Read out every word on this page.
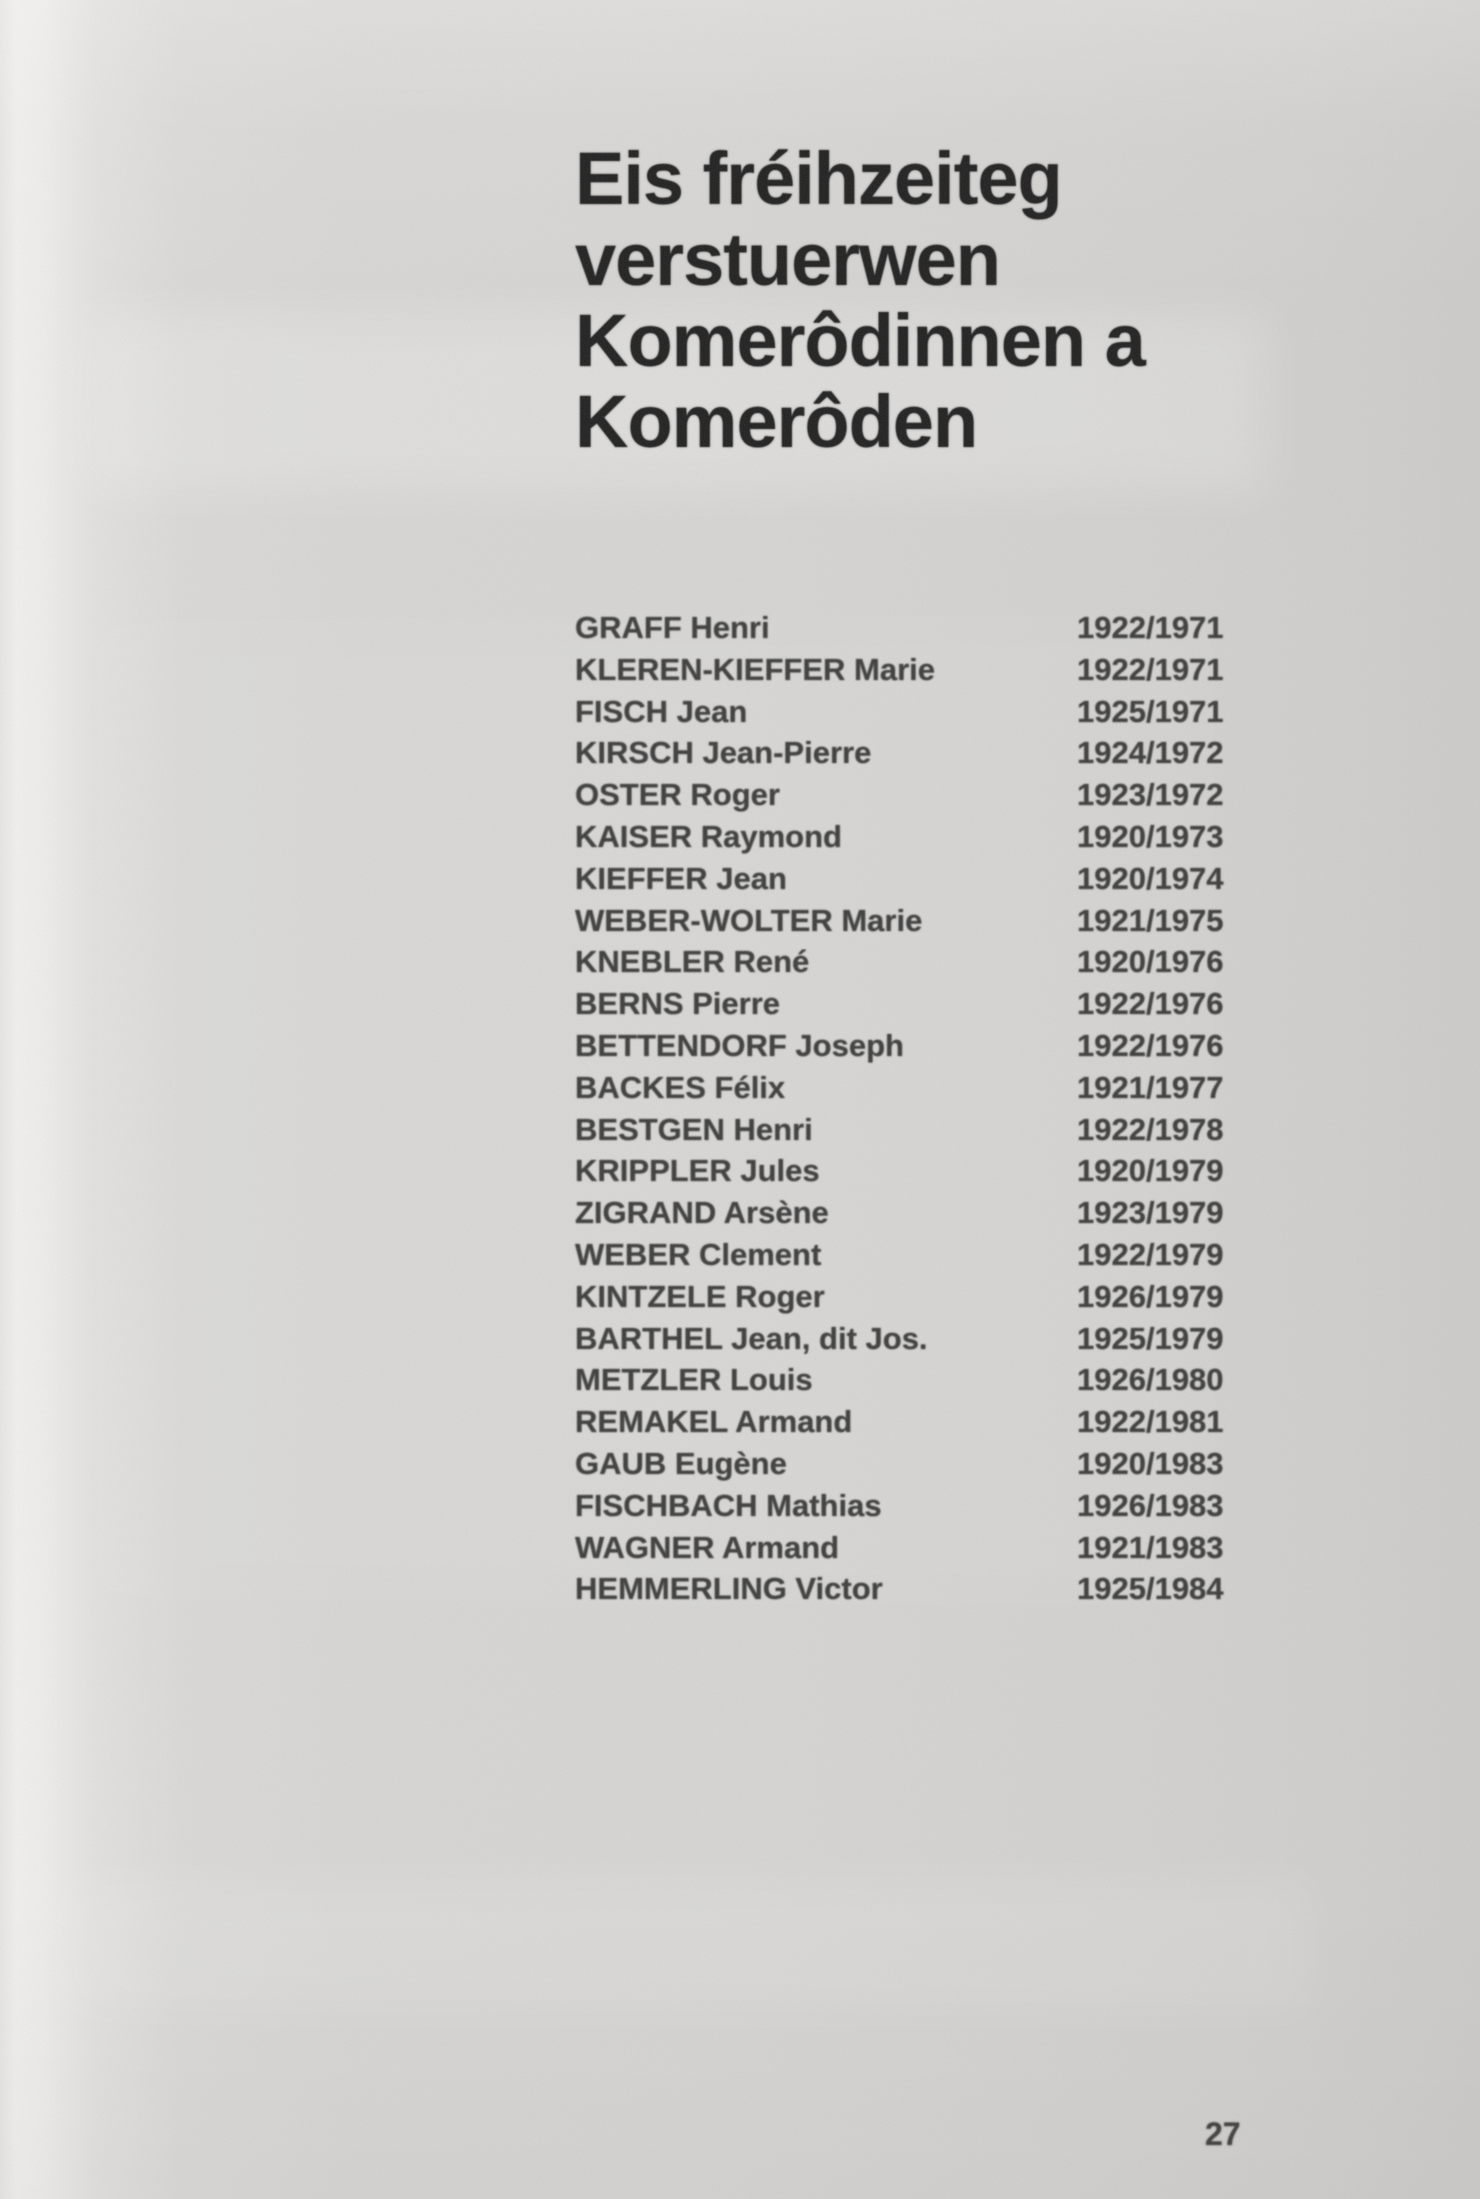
Eis fréihzeiteg
verstuerwen
Komerôdinnen a
Komerôden
GRAFF Henri	1922/1971
KLEREN-KIEFFER Marie	1922/1971
FISCH Jean	1925/1971
KIRSCH Jean-Pierre	1924/1972
OSTER Roger	1923/1972
KAISER Raymond	1920/1973
KIEFFER Jean	1920/1974
WEBER-WOLTER Marie	1921/1975
KNEBLER René	1920/1976
BERNS Pierre	1922/1976
BETTENDORF Joseph	1922/1976
BACKES Félix	1921/1977
BESTGEN Henri	1922/1978
KRIPPLER Jules	1920/1979
ZIGRAND Arsène	1923/1979
WEBER Clement	1922/1979
KINTZELE Roger	1926/1979
BARTHEL Jean, dit Jos.	1925/1979
METZLER Louis	1926/1980
REMAKEL Armand	1922/1981
GAUB Eugène	1920/1983
FISCHBACH Mathias	1926/1983
WAGNER Armand	1921/1983
HEMMERLING Victor	1925/1984
27
